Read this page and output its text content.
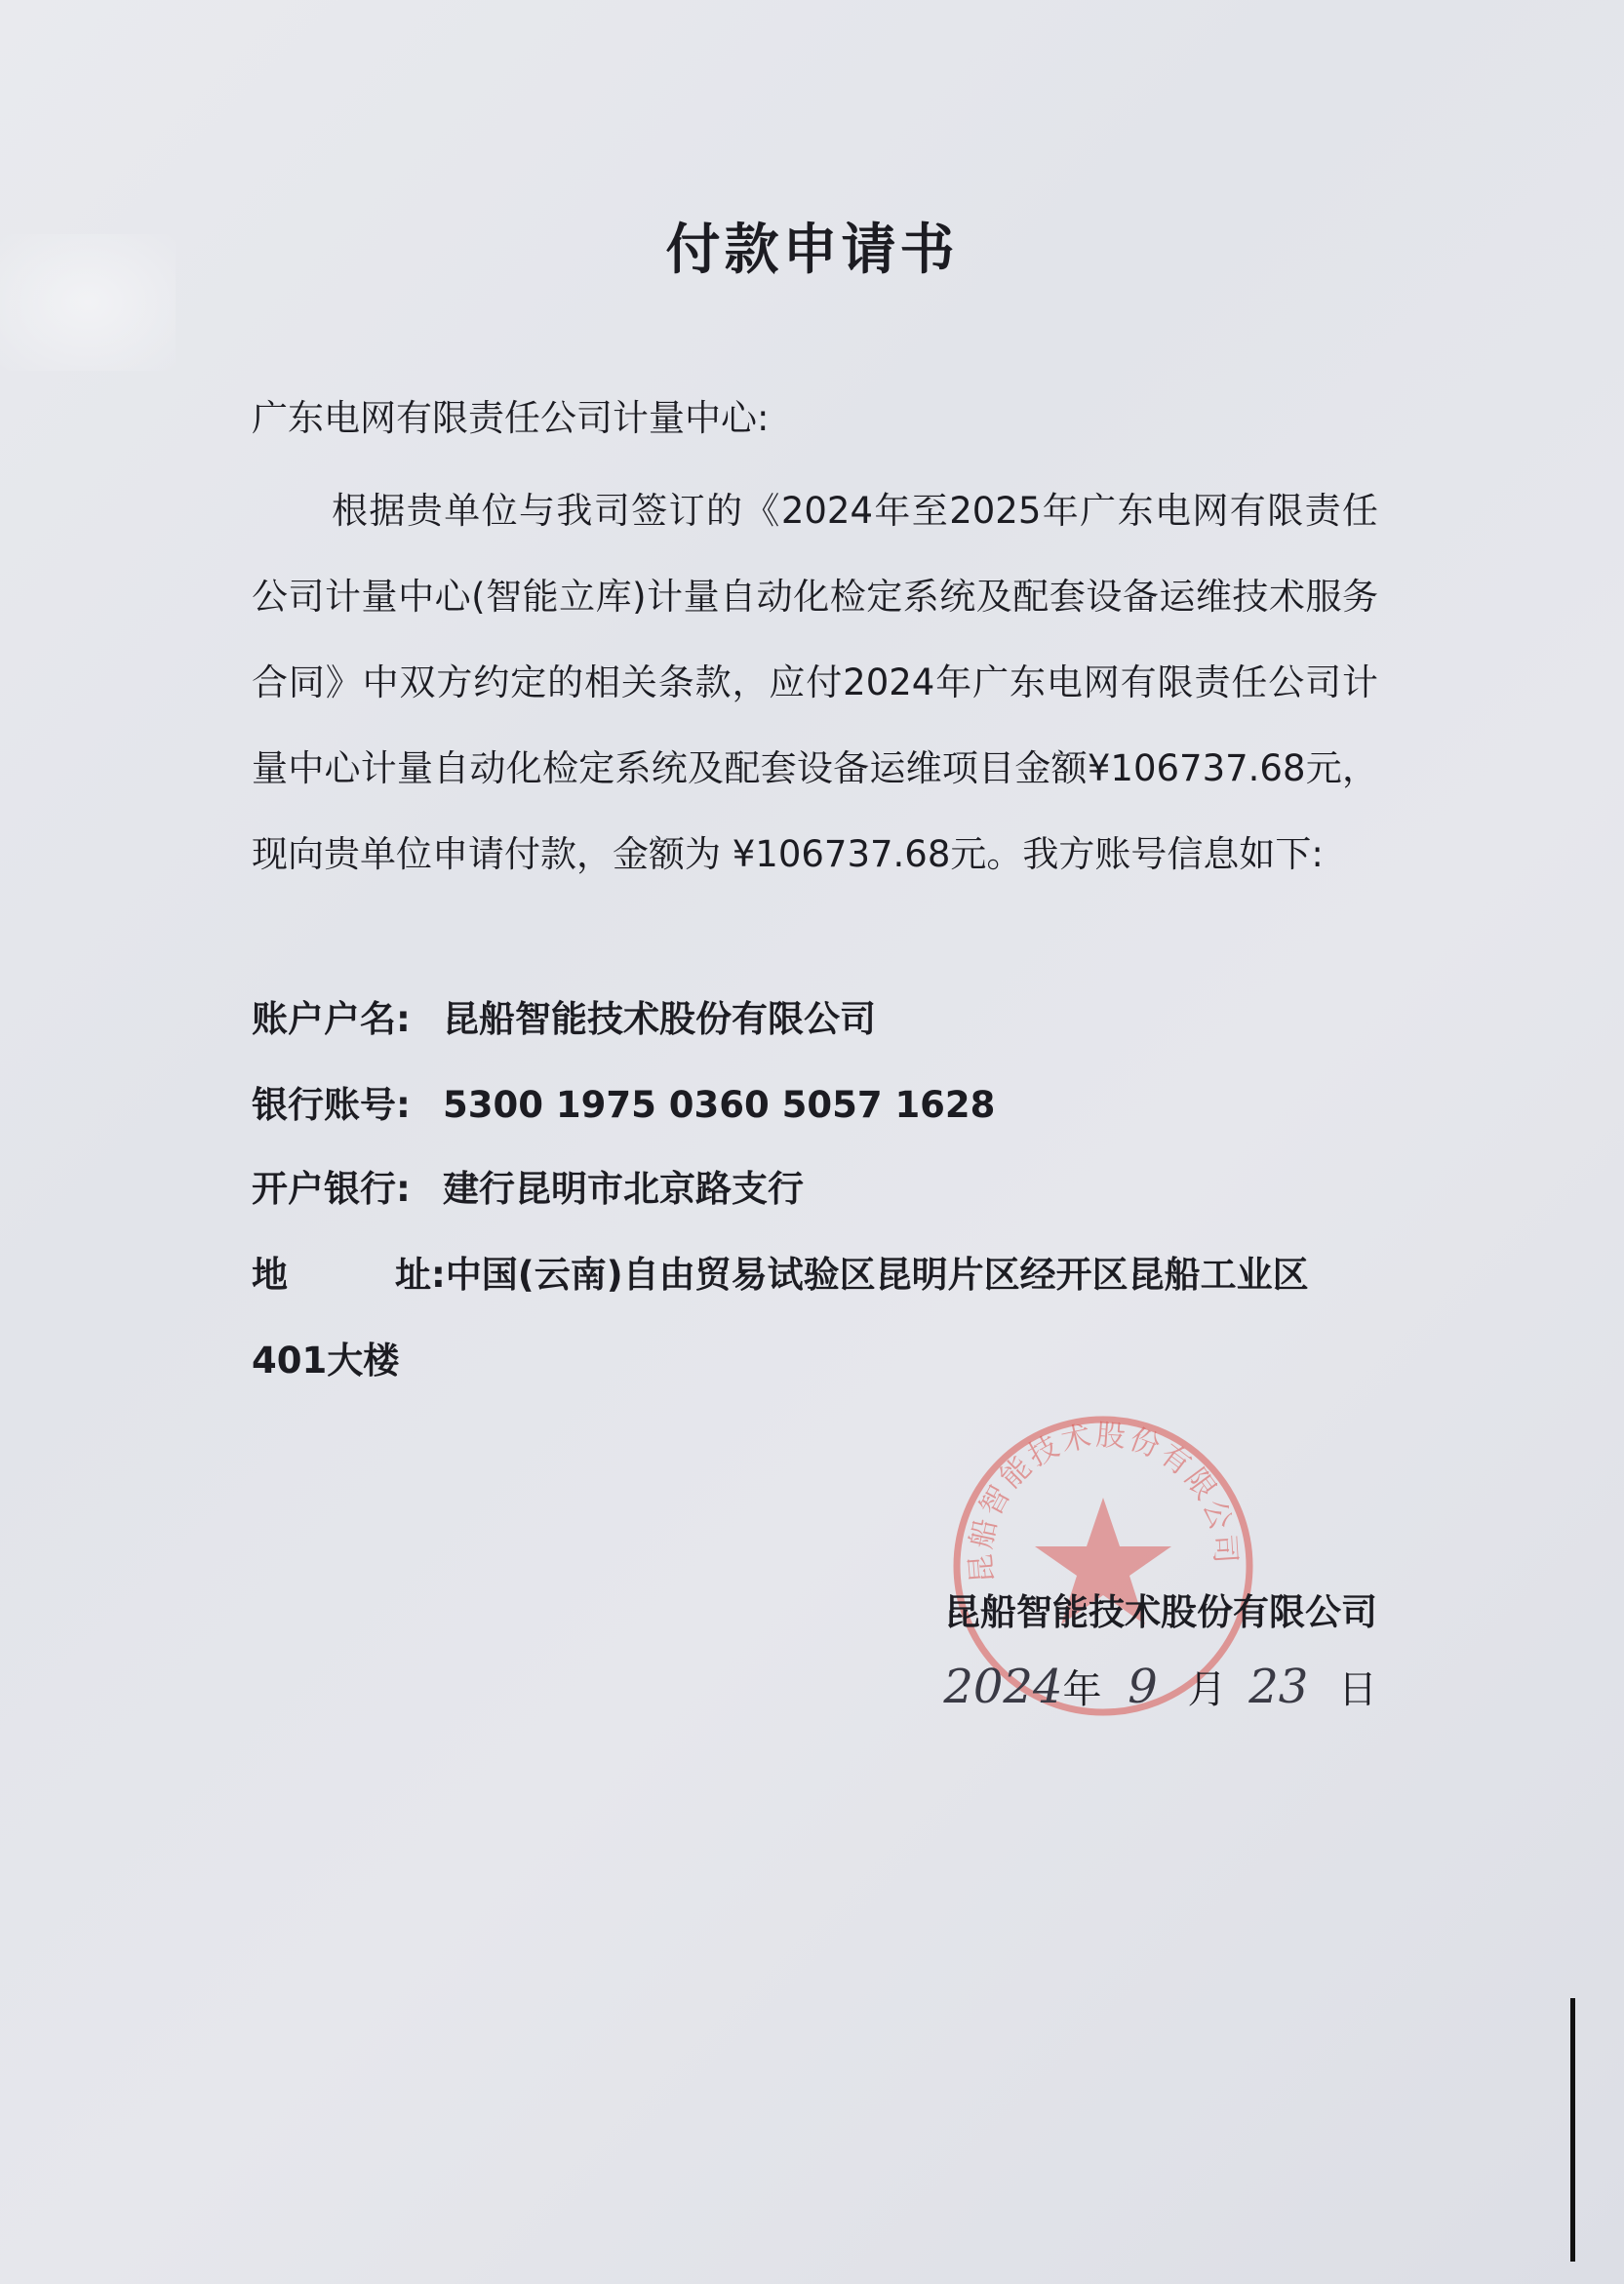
付款申请书
广东电网有限责任公司计量中心:

根据贵单位与我司签订的《2024年至2025年广东电网有限责任公司计量中心(智能立库)计量自动化检定系统及配套设备运维技术服务合同》中双方约定的相关条款，应付2024年广东电网有限责任公司计量中心计量自动化检定系统及配套设备运维项目金额¥106737.68元，现向贵单位申请付款，金额为 ¥106737.68元。我方账号信息如下:

账户户名: 昆船智能技术股份有限公司
银行账号: 5300 1975 0360 5057 1628
开户银行: 建行昆明市北京路支行
地	址:中国(云南)自由贸易试验区昆明片区经开区昆船工业区
401大楼
昆船智能技术股份有限公司
昆船智能技术股份有限公司
2024年 9 月 23 日
